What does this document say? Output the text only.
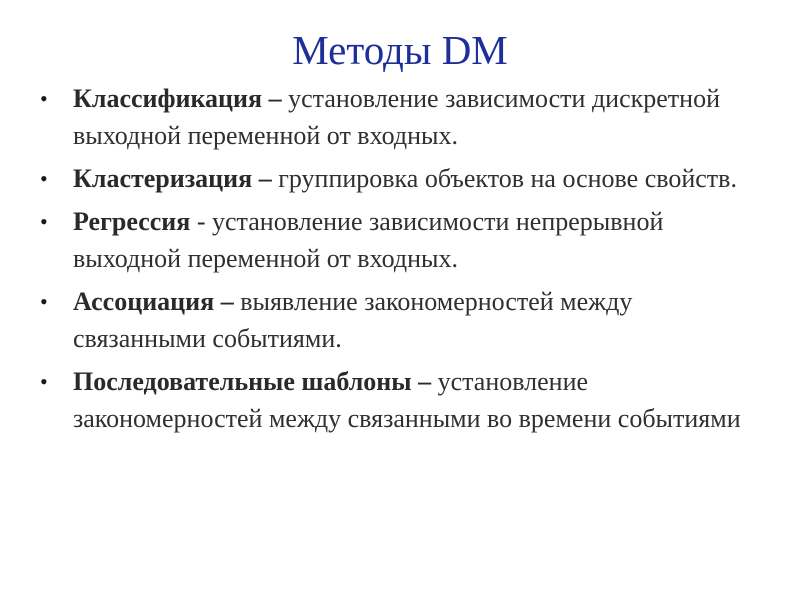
Методы DM
• Классификация – установление зависимости дискретной выходной переменной от входных.
• Кластеризация – группировка объектов на основе свойств.
• Регрессия - установление зависимости непрерывной выходной переменной от входных.
• Ассоциация – выявление закономерностей между связанными событиями.
• Последовательные шаблоны – установление закономерностей между связанными во времени событиями
